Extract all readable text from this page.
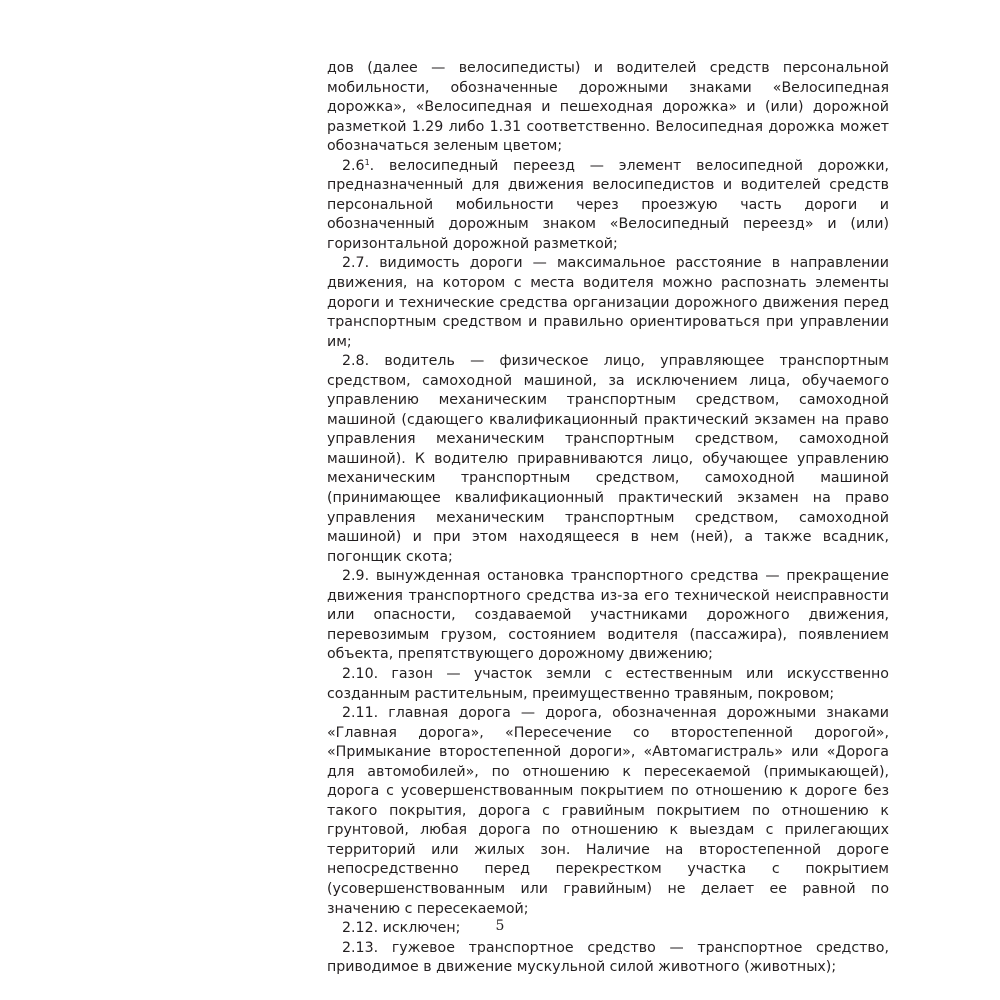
дов (далее — велосипедисты) и водителей средств персональной мобильности, обозначенные дорожными знаками «Велосипедная дорожка», «Велосипедная и пешеходная дорожка» и (или) дорожной разметкой 1.29 либо 1.31 соответственно. Велосипедная дорожка может обозначаться зеленым цветом;

$2.6^1$. велосипедный переезд — элемент велосипедной дорожки, предназначенный для движения велосипедистов и водителей средств персональной мобильности через проезжую часть дороги и обозначенный дорожным знаком «Велосипедный переезд» и (или) горизонтальной дорожной разметкой;

2.7. видимость дороги — максимальное расстояние в направлении движения, на котором с места водителя можно распознать элементы дороги и технические средства организации дорожного движения перед транспортным средством и правильно ориентироваться при управлении им;

2.8. водитель — физическое лицо, управляющее транспортным средством, самоходной машиной, за исключением лица, обучаемого управлению механическим транспортным средством, самоходной машиной (сдающего квалификационный практический экзамен на право управления механическим транспортным средством, самоходной машиной). К водителю приравниваются лицо, обучающее управлению механическим транспортным средством, самоходной машиной (принимающее квалификационный практический экзамен на право управления механическим транспортным средством, самоходной машиной) и при этом находящееся в нем (ней), а также всадник, погонщик скота;

2.9. вынужденная остановка транспортного средства — прекращение движения транспортного средства из-за его технической неисправности или опасности, создаваемой участниками дорожного движения, перевозимым грузом, состоянием водителя (пассажира), появлением объекта, препятствующего дорожному движению;

2.10. газон — участок земли с естественным или искусственно созданным растительным, преимущественно травяным, покровом;

2.11. главная дорога — дорога, обозначенная дорожными знаками «Главная дорога», «Пересечение со второстепенной дорогой», «Примыкание второстепенной дороги», «Автомагистраль» или «Дорога для автомобилей», по отношению к пересекаемой (примыкающей), дорога с усовершенствованным покрытием по отношению к дороге без такого покрытия, дорога с гравийным покрытием по отношению к грунтовой, любая дорога по отношению к выездам с прилегающих территорий или жилых зон. Наличие на второстепенной дороге непосредственно перед перекрестком участка с покрытием (усовершенствованным или гравийным) не делает ее равной по значению с пересекаемой;

2.12. исключен;

2.13. гужевое транспортное средство — транспортное средство, приводимое в движение мускульной силой животного (животных);

5
